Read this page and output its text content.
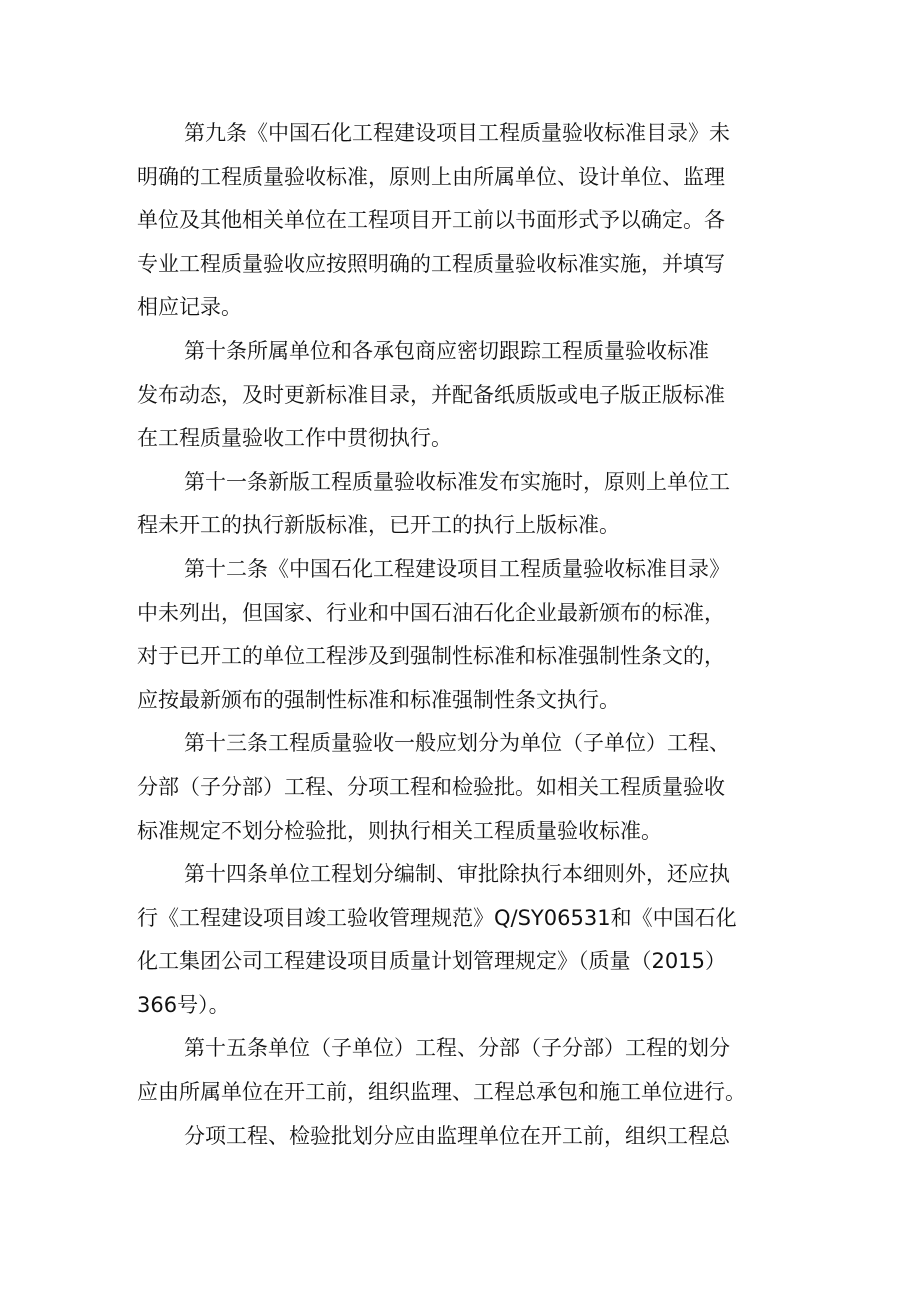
第九条《中国石化工程建设项目工程质量验收标准目录》未
明确的工程质量验收标准，原则上由所属单位、设计单位、监理
单位及其他相关单位在工程项目开工前以书面形式予以确定。各
专业工程质量验收应按照明确的工程质量验收标准实施，并填写
相应记录。
第十条所属单位和各承包商应密切跟踪工程质量验收标准
发布动态，及时更新标准目录，并配备纸质版或电子版正版标准
在工程质量验收工作中贯彻执行。
第十一条新版工程质量验收标准发布实施时，原则上单位工
程未开工的执行新版标准，已开工的执行上版标准。
第十二条《中国石化工程建设项目工程质量验收标准目录》
中未列出，但国家、行业和中国石油石化企业最新颁布的标准，
对于已开工的单位工程涉及到强制性标准和标准强制性条文的，
应按最新颁布的强制性标准和标准强制性条文执行。
第十三条工程质量验收一般应划分为单位（子单位）工程、
分部（子分部）工程、分项工程和检验批。如相关工程质量验收
标准规定不划分检验批，则执行相关工程质量验收标准。
第十四条单位工程划分编制、审批除执行本细则外，还应执
行《工程建设项目竣工验收管理规范》Q/SY06531和《中国石化
化工集团公司工程建设项目质量计划管理规定》（质量（2015）
366号）。
第十五条单位（子单位）工程、分部（子分部）工程的划分
应由所属单位在开工前，组织监理、工程总承包和施工单位进行。
分项工程、检验批划分应由监理单位在开工前，组织工程总
